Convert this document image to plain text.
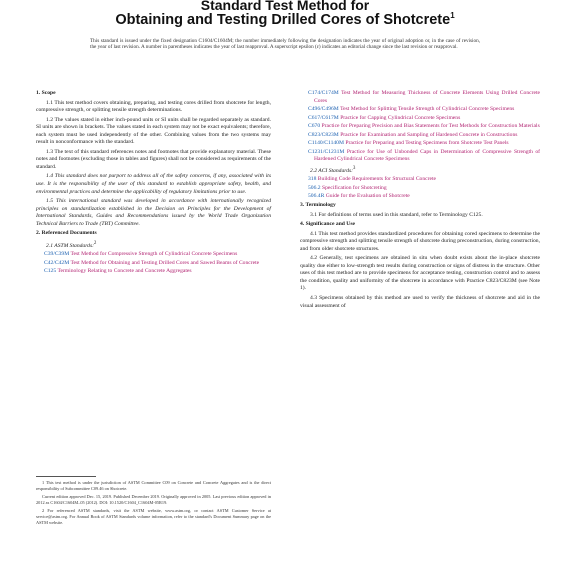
Standard Test Method for
Obtaining and Testing Drilled Cores of Shotcrete$^1$
This standard is issued under the fixed designation C1604/C1604M; the number immediately following the designation indicates the year of original adoption or, in the case of revision, the year of last revision. A number in parentheses indicates the year of last reapproval. A superscript epsilon (ε) indicates an editorial change since the last revision or reapproval.
1. Scope
1.1 This test method covers obtaining, preparing, and testing cores drilled from shotcrete for length, compressive strength, or splitting tensile strength determinations.
1.2 The values stated in either inch-pound units or SI units shall be regarded separately as standard. SI units are shown in brackets. The values stated in each system may not be exact equivalents; therefore, each system must be used independently of the other. Combining values from the two systems may result in nonconformance with the standard.
1.3 The text of this standard references notes and footnotes that provide explanatory material. These notes and footnotes (excluding those in tables and figures) shall not be considered as requirements of the standard.
1.4 This standard does not purport to address all of the safety concerns, if any, associated with its use. It is the responsibility of the user of this standard to establish appropriate safety, health, and environmental practices and determine the applicability of regulatory limitations prior to use.
1.5 This international standard was developed in accordance with internationally recognized principles on standardization established in the Decision on Principles for the Development of International Standards, Guides and Recommendations issued by the World Trade Organization Technical Barriers to Trade (TBT) Committee.
2. Referenced Documents
2.1 ASTM Standards:$^2$
C39/C39M Test Method for Compressive Strength of Cylindrical Concrete Specimens
C42/C42M Test Method for Obtaining and Testing Drilled Cores and Sawed Beams of Concrete
C125 Terminology Relating to Concrete and Concrete Aggregates
1 This test method is under the jurisdiction of ASTM Committee C09 on Concrete and Concrete Aggregates and is the direct responsibility of Subcommittee C09.46 on Shotcrete.
Current edition approved Dec. 15, 2019. Published December 2019. Originally approved in 2005. Last previous edition approved in 2012 as C1604/C1604M–05 (2012). DOI: 10.1520/C1604_C1604M-05R19.
2 For referenced ASTM standards, visit the ASTM website, www.astm.org, or contact ASTM Customer Service at service@astm.org. For Annual Book of ASTM Standards volume information, refer to the standard's Document Summary page on the ASTM website.
C174/C174M Test Method for Measuring Thickness of Concrete Elements Using Drilled Concrete Cores
C496/C496M Test Method for Splitting Tensile Strength of Cylindrical Concrete Specimens
C617/C617M Practice for Capping Cylindrical Concrete Specimens
C670 Practice for Preparing Precision and Bias Statements for Test Methods for Construction Materials
C823/C823M Practice for Examination and Sampling of Hardened Concrete in Constructions
C1140/C1140M Practice for Preparing and Testing Specimens from Shotcrete Test Panels
C1231/C1231M Practice for Use of Unbonded Caps in Determination of Compressive Strength of Hardened Cylindrical Concrete Specimens
2.2 ACI Standards:$^3$
318 Building Code Requirements for Structural Concrete
506.2 Specification for Shotcreting
506.4R Guide for the Evaluation of Shotcrete
3. Terminology
3.1 For definitions of terms used in this standard, refer to Terminology C125.
4. Significance and Use
4.1 This test method provides standardized procedures for obtaining cored specimens to determine the compressive strength and splitting tensile strength of shotcrete during preconstruction, during construction, and from older shotcrete structures.
4.2 Generally, test specimens are obtained in situ when doubt exists about the in-place shotcrete quality due either to low-strength test results during construction or signs of distress in the structure. Other uses of this test method are to provide specimens for acceptance testing, construction control and to assess the condition, quality and uniformity of the shotcrete in accordance with Practice C823/C823M (see Note 1).
4.3 Specimens obtained by this method are used to verify the thickness of shotcrete and aid in the visual assessment of
